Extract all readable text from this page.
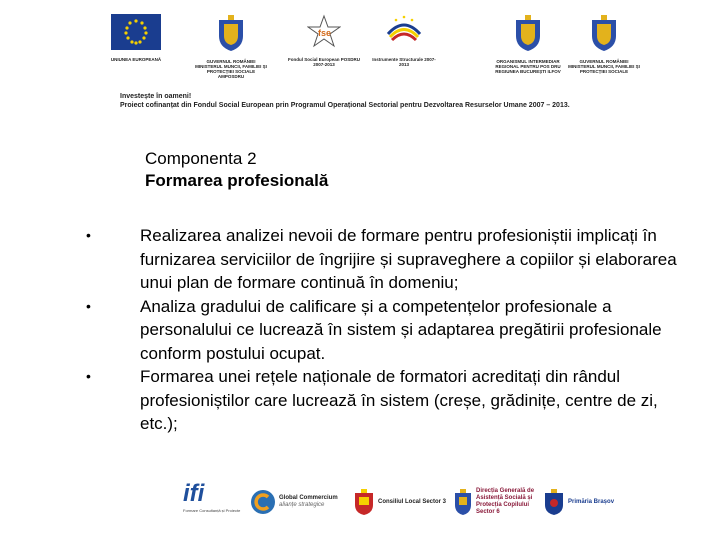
UNIUNEA EUROPEANĂ	GUVERNUL ROMÂNIEI MINISTERUL MUNCII, FAMILIEI ȘI PROTECȚIEI SOCIALE AMPOSDRU
fse
Fondul Social European POSDRU 2007-2013
Instrumente Structurale 2007-2013
ORGANISMUL INTERMEDIAR REGIONAL PENTRU POS DRU REGIUNEA BUCUREȘTI ILFOV
GUVERNUL ROMÂNIEI MINISTERUL MUNCII, FAMILIEI ȘI PROTECȚIEI SOCIALE
Investește în oameni!
Proiect cofinanțat din Fondul Social European prin Programul Operațional Sectorial pentru Dezvoltarea Resurselor Umane 2007 – 2013.
Componenta 2
Formarea profesională
•	Realizarea analizei nevoii de formare pentru profesioniștii implicați în furnizarea serviciilor de îngrijire și supraveghere a copiilor și elaborarea unui plan de formare continuă în domeniu;
•	Analiza gradului de calificare și a competențelor profesionale a personalului ce lucrează în sistem și adaptarea pregătirii profesionale conform postului ocupat.
•	Formarea unei rețele naționale de formatori acreditați din rândul profesioniștilor care lucrează în sistem (creșe, grădinițe, centre de zi, etc.);
ifi
Formare Consultanță și Proiecte
Global Commercium
alianțe strategice
Consiliul Local Sector 3
Direcția Generală de
Asistență Socială și
Protecția Copilului
Sector 6
Primăria Brașov
